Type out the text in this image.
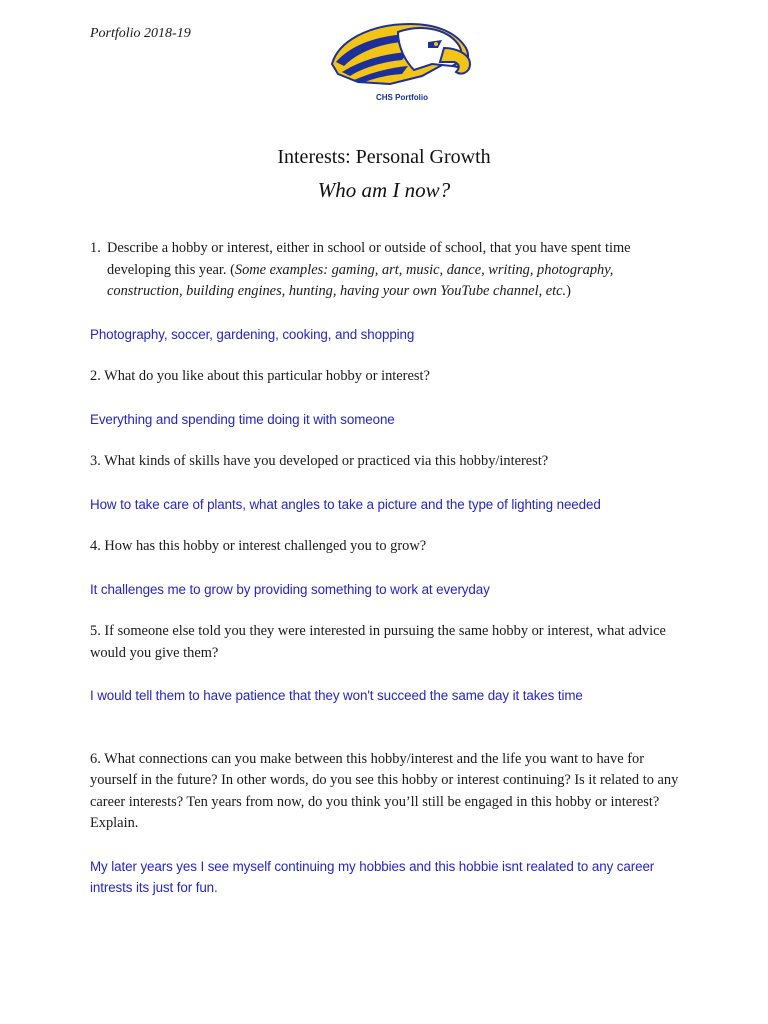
Portfolio 2018-19
CHS Portfolio
Interests: Personal Growth
Who am I now?
1. Describe a hobby or interest, either in school or outside of school, that you have spent time developing this year. (Some examples: gaming, art, music, dance, writing, photography, construction, building engines, hunting, having your own YouTube channel, etc.)

Photography, soccer, gardening, cooking, and shopping

2. What do you like about this particular hobby or interest?

Everything and spending time doing it with someone

3. What kinds of skills have you developed or practiced via this hobby/interest?

How to take care of plants, what angles to take a picture and the type of lighting needed

4. How has this hobby or interest challenged you to grow?

It challenges me to grow by providing something to work at everyday

5. If someone else told you they were interested in pursuing the same hobby or interest, what advice would you give them?

I would tell them to have patience that they won't succeed the same day it takes time

6. What connections can you make between this hobby/interest and the life you want to have for yourself in the future? In other words, do you see this hobby or interest continuing? Is it related to any career interests? Ten years from now, do you think you’ll still be engaged in this hobby or interest? Explain.

My later years yes I see myself continuing my hobbies and this hobbie isnt realated to any career intrests its just for fun.
